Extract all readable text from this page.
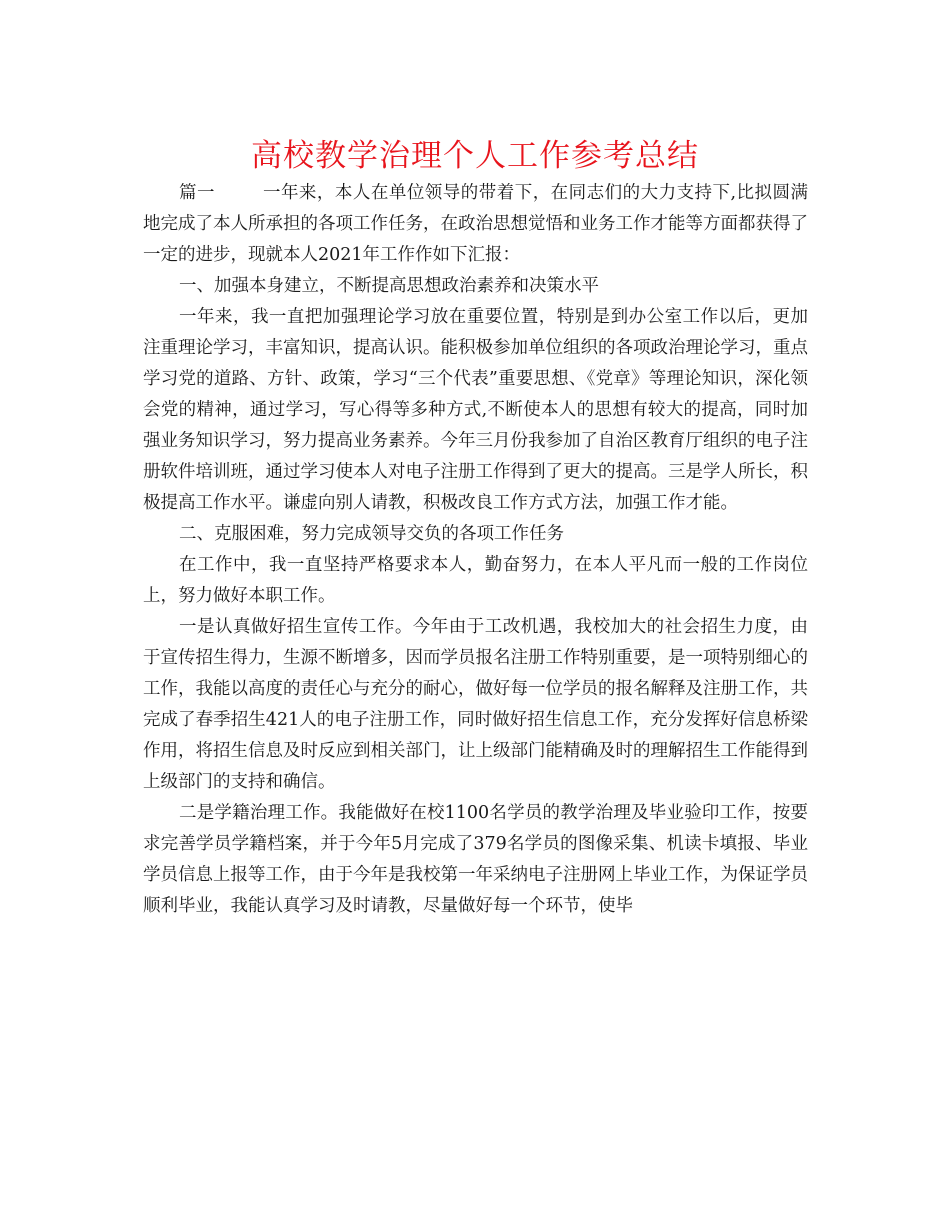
高校教学治理个人工作参考总结

篇一	一年来，本人在单位领导的带着下，在同志们的大力支持下,比拟圆满地完成了本人所承担的各项工作任务，在政治思想觉悟和业务工作才能等方面都获得了一定的进步，现就本人2021年工作作如下汇报：

一、加强本身建立，不断提高思想政治素养和决策水平

一年来，我一直把加强理论学习放在重要位置，特别是到办公室工作以后，更加注重理论学习，丰富知识，提高认识。能积极参加单位组织的各项政治理论学习，重点学习党的道路、方针、政策，学习“三个代表”重要思想、《党章》等理论知识，深化领会党的精神，通过学习，写心得等多种方式,不断使本人的思想有较大的提高，同时加强业务知识学习，努力提高业务素养。今年三月份我参加了自治区教育厅组织的电子注册软件培训班，通过学习使本人对电子注册工作得到了更大的提高。三是学人所长，积极提高工作水平。谦虚向别人请教，积极改良工作方式方法，加强工作才能。

二、克服困难，努力完成领导交负的各项工作任务

在工作中，我一直坚持严格要求本人，勤奋努力，在本人平凡而一般的工作岗位上，努力做好本职工作。

一是认真做好招生宣传工作。今年由于工改机遇，我校加大的社会招生力度，由于宣传招生得力，生源不断增多，因而学员报名注册工作特别重要，是一项特别细心的工作，我能以高度的责任心与充分的耐心，做好每一位学员的报名解释及注册工作，共完成了春季招生421人的电子注册工作，同时做好招生信息工作，充分发挥好信息桥梁作用，将招生信息及时反应到相关部门，让上级部门能精确及时的理解招生工作能得到上级部门的支持和确信。

二是学籍治理工作。我能做好在校1100名学员的教学治理及毕业验印工作，按要求完善学员学籍档案，并于今年5月完成了379名学员的图像采集、机读卡填报、毕业学员信息上报等工作，由于今年是我校第一年采纳电子注册网上毕业工作，为保证学员顺利毕业，我能认真学习及时请教，尽量做好每一个环节，使毕
